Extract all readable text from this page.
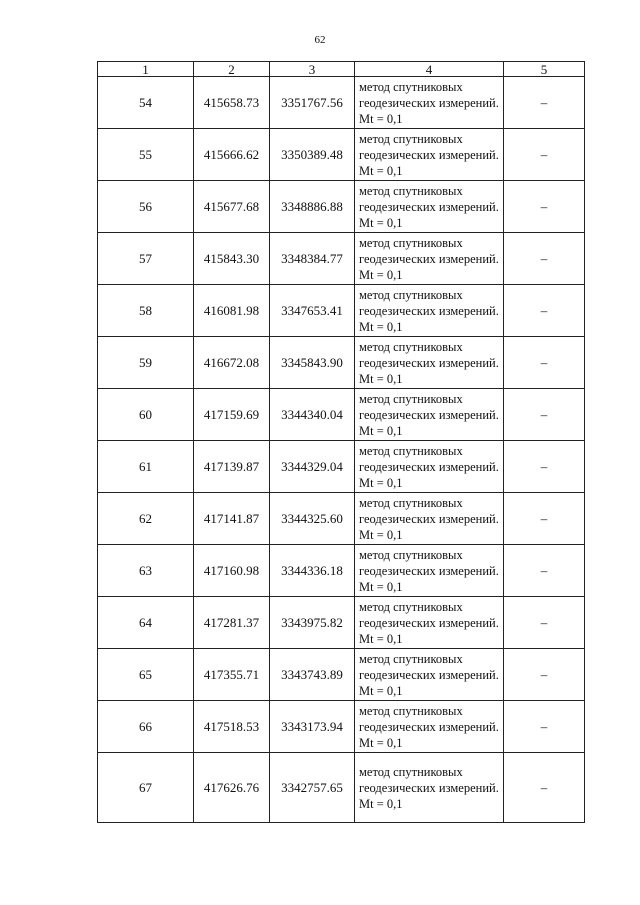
62
1	2	3	4	5
54	415658.73	3351767.56	метод спутниковых геодезических измерений. Mt = 0,1	–
55	415666.62	3350389.48	метод спутниковых геодезических измерений. Mt = 0,1	–
56	415677.68	3348886.88	метод спутниковых геодезических измерений. Mt = 0,1	–
57	415843.30	3348384.77	метод спутниковых геодезических измерений. Mt = 0,1	–
58	416081.98	3347653.41	метод спутниковых геодезических измерений. Mt = 0,1	–
59	416672.08	3345843.90	метод спутниковых геодезических измерений. Mt = 0,1	–
60	417159.69	3344340.04	метод спутниковых геодезических измерений. Mt = 0,1	–
61	417139.87	3344329.04	метод спутниковых геодезических измерений. Mt = 0,1	–
62	417141.87	3344325.60	метод спутниковых геодезических измерений. Mt = 0,1	–
63	417160.98	3344336.18	метод спутниковых геодезических измерений. Mt = 0,1	–
64	417281.37	3343975.82	метод спутниковых геодезических измерений. Mt = 0,1	–
65	417355.71	3343743.89	метод спутниковых геодезических измерений. Mt = 0,1	–
66	417518.53	3343173.94	метод спутниковых геодезических измерений. Mt = 0,1	–
67	417626.76	3342757.65	метод спутниковых геодезических измерений. Mt = 0,1	–
